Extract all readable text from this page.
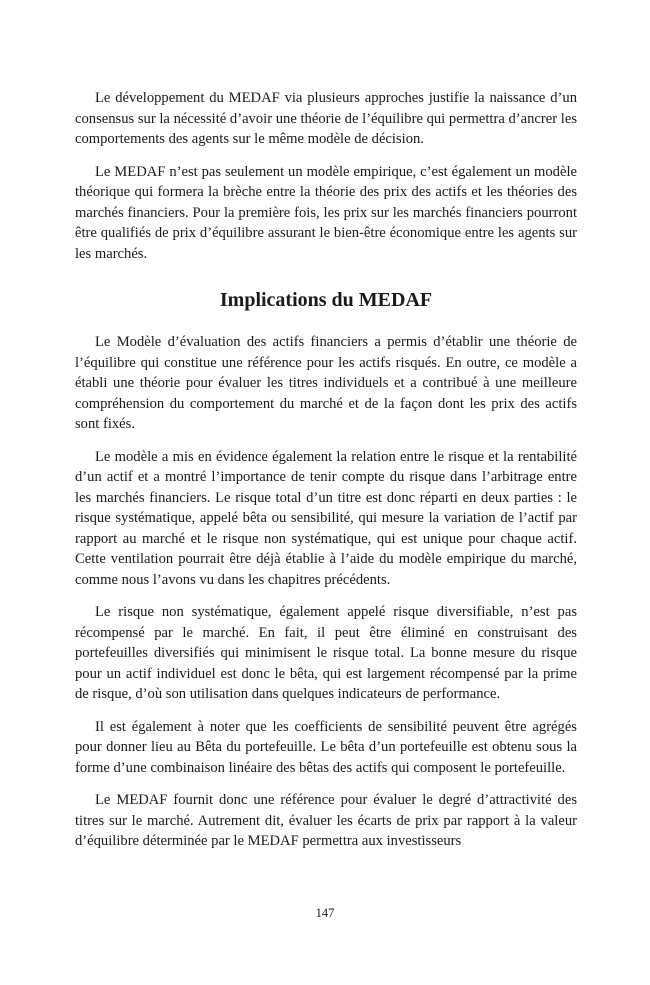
Le développement du MEDAF via plusieurs approches justifie la naissance d’un consensus sur la nécessité d’avoir une théorie de l’équilibre qui permettra d’ancrer les comportements des agents sur le même modèle de décision.

Le MEDAF n’est pas seulement un modèle empirique, c’est également un modèle théorique qui formera la brèche entre la théorie des prix des actifs et les théories des marchés financiers. Pour la première fois, les prix sur les marchés financiers pourront être qualifiés de prix d’équilibre assurant le bien-être économique entre les agents sur les marchés.

Implications du MEDAF

Le Modèle d’évaluation des actifs financiers a permis d’établir une théorie de l’équilibre qui constitue une référence pour les actifs risqués. En outre, ce modèle a établi une théorie pour évaluer les titres individuels et a contribué à une meilleure compréhension du comportement du marché et de la façon dont les prix des actifs sont fixés.

Le modèle a mis en évidence également la relation entre le risque et la rentabilité d’un actif et a montré l’importance de tenir compte du risque dans l’arbitrage entre les marchés financiers. Le risque total d’un titre est donc réparti en deux parties : le risque systématique, appelé bêta ou sensibilité, qui mesure la variation de l’actif par rapport au marché et le risque non systématique, qui est unique pour chaque actif. Cette ventilation pourrait être déjà établie à l’aide du modèle empirique du marché, comme nous l’avons vu dans les chapitres précédents.

Le risque non systématique, également appelé risque diversifiable, n’est pas récompensé par le marché. En fait, il peut être éliminé en construisant des portefeuilles diversifiés qui minimisent le risque total. La bonne mesure du risque pour un actif individuel est donc le bêta, qui est largement récompensé par la prime de risque, d’où son utilisation dans quelques indicateurs de performance.

Il est également à noter que les coefficients de sensibilité peuvent être agrégés pour donner lieu au Bêta du portefeuille. Le bêta d’un portefeuille est obtenu sous la forme d’une combinaison linéaire des bêtas des actifs qui composent le portefeuille.

Le MEDAF fournit donc une référence pour évaluer le degré d’attractivité des titres sur le marché. Autrement dit, évaluer les écarts de prix par rapport à la valeur d’équilibre déterminée par le MEDAF permettra aux investisseurs

147
